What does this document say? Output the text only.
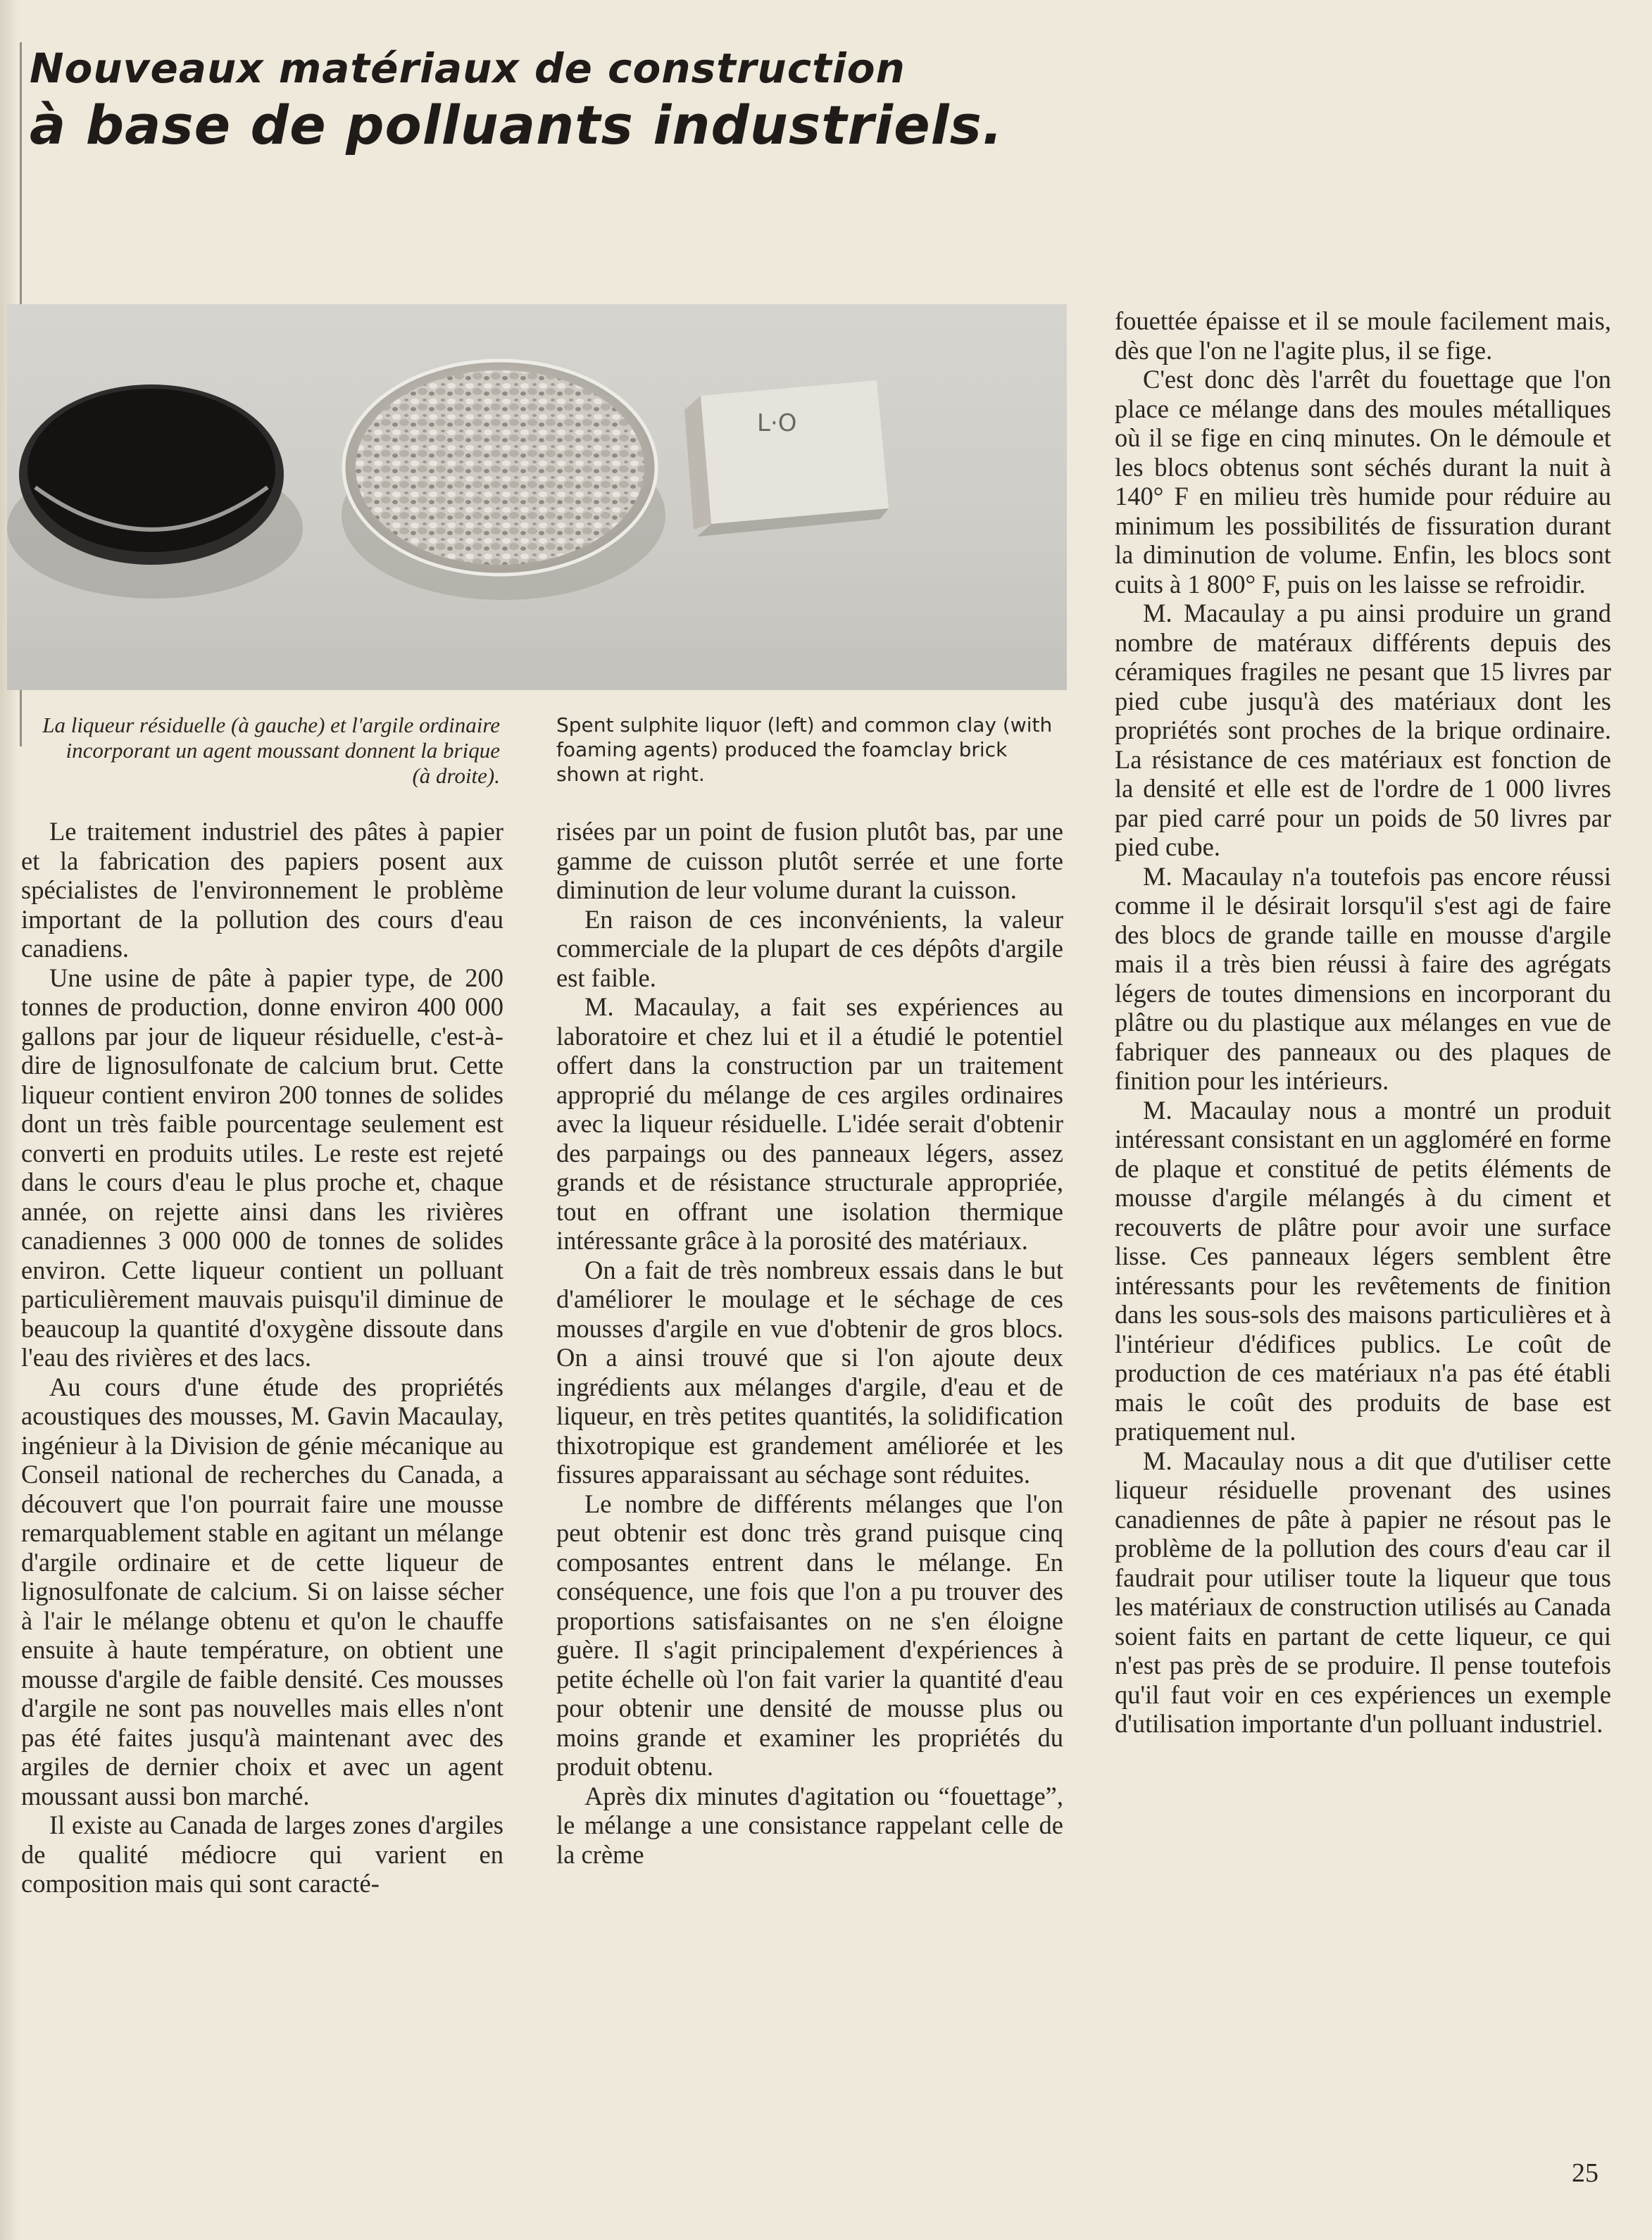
Nouveaux matériaux de construction
à base de polluants industriels.
L·O

La liqueur résiduelle (à gauche) et l'argile ordinaire incorporant un agent moussant donnent la brique (à droite).

Spent sulphite liquor (left) and common clay (with foaming agents) produced the foamclay brick shown at right.

Le traitement industriel des pâtes à papier et la fabrication des papiers posent aux spécialistes de l'environnement le problème important de la pollution des cours d'eau canadiens.

Une usine de pâte à papier type, de 200 tonnes de production, donne environ 400 000 gallons par jour de liqueur résiduelle, c'est-à-dire de lignosulfonate de calcium brut. Cette liqueur contient environ 200 tonnes de solides dont un très faible pourcentage seulement est converti en produits utiles. Le reste est rejeté dans le cours d'eau le plus proche et, chaque année, on rejette ainsi dans les rivières canadiennes 3 000 000 de tonnes de solides environ. Cette liqueur contient un polluant particulièrement mauvais puisqu'il diminue de beaucoup la quantité d'oxygène dissoute dans l'eau des rivières et des lacs.

Au cours d'une étude des propriétés acoustiques des mousses, M. Gavin Macaulay, ingénieur à la Division de génie mécanique au Conseil national de recherches du Canada, a découvert que l'on pourrait faire une mousse remarquablement stable en agitant un mélange d'argile ordinaire et de cette liqueur de lignosulfonate de calcium. Si on laisse sécher à l'air le mélange obtenu et qu'on le chauffe ensuite à haute température, on obtient une mousse d'argile de faible densité. Ces mousses d'argile ne sont pas nouvelles mais elles n'ont pas été faites jusqu'à maintenant avec des argiles de dernier choix et avec un agent moussant aussi bon marché.

Il existe au Canada de larges zones d'argiles de qualité médiocre qui varient en composition mais qui sont caracté-

risées par un point de fusion plutôt bas, par une gamme de cuisson plutôt serrée et une forte diminution de leur volume durant la cuisson.

En raison de ces inconvénients, la valeur commerciale de la plupart de ces dépôts d'argile est faible.

M. Macaulay, a fait ses expériences au laboratoire et chez lui et il a étudié le potentiel offert dans la construction par un traitement approprié du mélange de ces argiles ordinaires avec la liqueur résiduelle. L'idée serait d'obtenir des parpaings ou des panneaux légers, assez grands et de résistance structurale appropriée, tout en offrant une isolation thermique intéressante grâce à la porosité des matériaux.

On a fait de très nombreux essais dans le but d'améliorer le moulage et le séchage de ces mousses d'argile en vue d'obtenir de gros blocs. On a ainsi trouvé que si l'on ajoute deux ingrédients aux mélanges d'argile, d'eau et de liqueur, en très petites quantités, la solidification thixotropique est grandement améliorée et les fissures apparaissant au séchage sont réduites.

Le nombre de différents mélanges que l'on peut obtenir est donc très grand puisque cinq composantes entrent dans le mélange. En conséquence, une fois que l'on a pu trouver des proportions satisfaisantes on ne s'en éloigne guère. Il s'agit principalement d'expériences à petite échelle où l'on fait varier la quantité d'eau pour obtenir une densité de mousse plus ou moins grande et examiner les propriétés du produit obtenu.

Après dix minutes d'agitation ou “fouettage”, le mélange a une consistance rappelant celle de la crème

fouettée épaisse et il se moule facilement mais, dès que l'on ne l'agite plus, il se fige.

C'est donc dès l'arrêt du fouettage que l'on place ce mélange dans des moules métalliques où il se fige en cinq minutes. On le démoule et les blocs obtenus sont séchés durant la nuit à 140° F en milieu très humide pour réduire au minimum les possibilités de fissuration durant la diminution de volume. Enfin, les blocs sont cuits à 1 800° F, puis on les laisse se refroidir.

M. Macaulay a pu ainsi produire un grand nombre de matéraux différents depuis des céramiques fragiles ne pesant que 15 livres par pied cube jusqu'à des matériaux dont les propriétés sont proches de la brique ordinaire. La résistance de ces matériaux est fonction de la densité et elle est de l'ordre de 1 000 livres par pied carré pour un poids de 50 livres par pied cube.

M. Macaulay n'a toutefois pas encore réussi comme il le désirait lorsqu'il s'est agi de faire des blocs de grande taille en mousse d'argile mais il a très bien réussi à faire des agrégats légers de toutes dimensions en incorporant du plâtre ou du plastique aux mélanges en vue de fabriquer des panneaux ou des plaques de finition pour les intérieurs.

M. Macaulay nous a montré un produit intéressant consistant en un aggloméré en forme de plaque et constitué de petits éléments de mousse d'argile mélangés à du ciment et recouverts de plâtre pour avoir une surface lisse. Ces panneaux légers semblent être intéressants pour les revêtements de finition dans les sous-sols des maisons particulières et à l'intérieur d'édifices publics. Le coût de production de ces matériaux n'a pas été établi mais le coût des produits de base est pratiquement nul.

M. Macaulay nous a dit que d'utiliser cette liqueur résiduelle provenant des usines canadiennes de pâte à papier ne résout pas le problème de la pollution des cours d'eau car il faudrait pour utiliser toute la liqueur que tous les matériaux de construction utilisés au Canada soient faits en partant de cette liqueur, ce qui n'est pas près de se produire. Il pense toutefois qu'il faut voir en ces expériences un exemple d'utilisation importante d'un polluant industriel.

25
